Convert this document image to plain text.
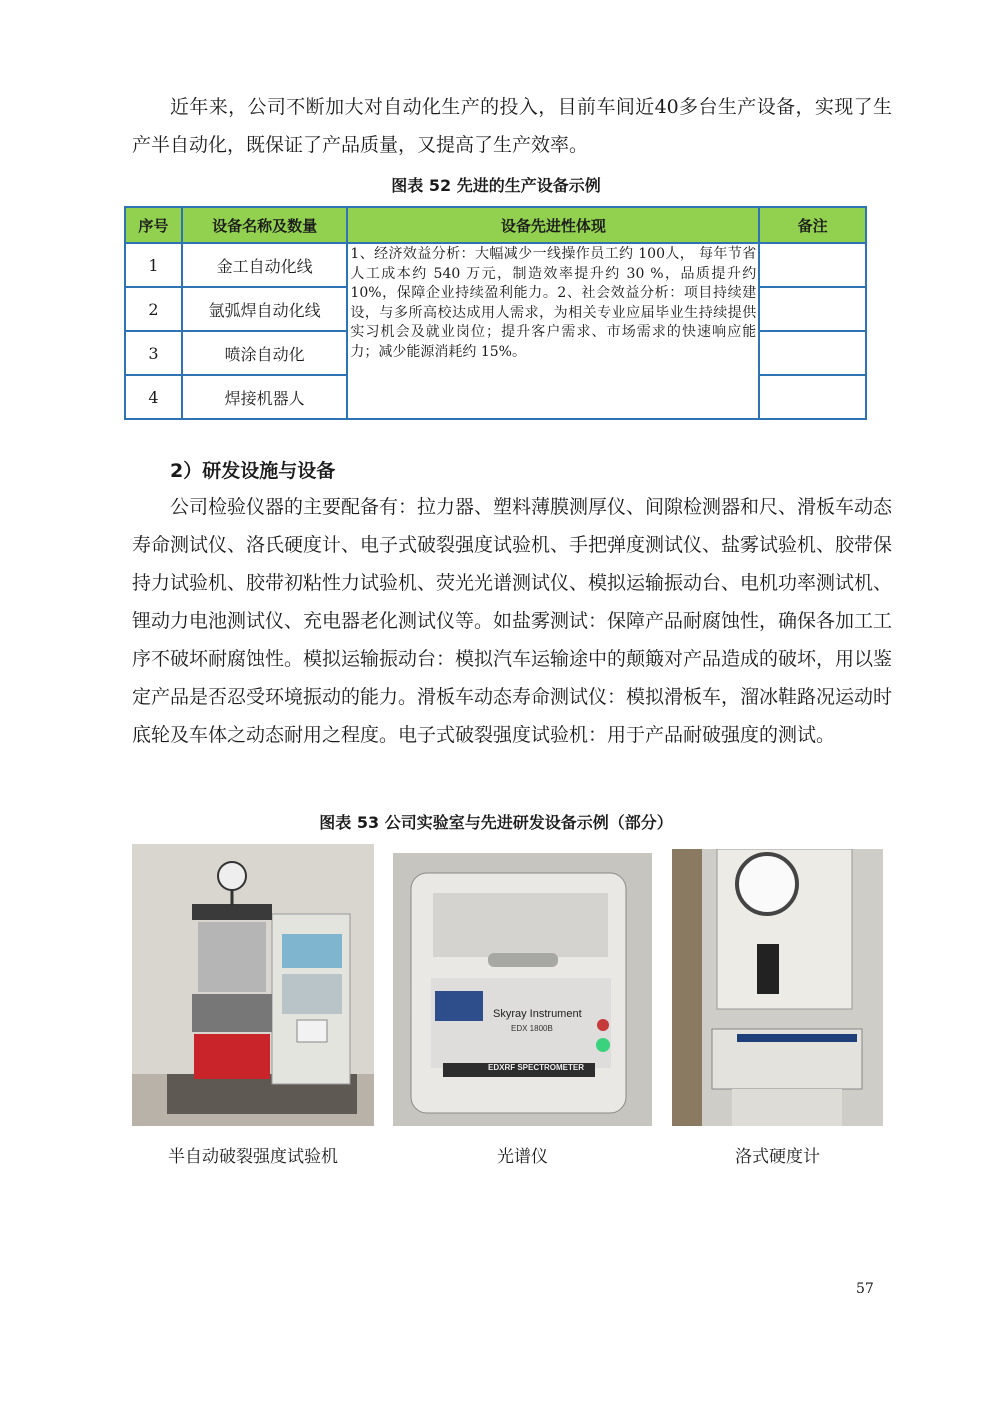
近年来，公司不断加大对自动化生产的投入，目前车间近40多台生产设备，实现了生产半自动化，既保证了产品质量，又提高了生产效率。

图表 52 先进的生产设备示例
序号	设备名称及数量	设备先进性体现	备注
1	金工自动化线	1、经济效益分析：大幅减少一线操作员工约 100人， 每年节省人工成本约 540 万元，制造效率提升约 30 %，品质提升约 10%，保障企业持续盈利能力。2、社会效益分析：项目持续建设，与多所高校达成用人需求，为相关专业应届毕业生持续提供实习机会及就业岗位；提升客户需求、市场需求的快速响应能力；减少能源消耗约 15%。	
2	氩弧焊自动化线		
3	喷涂自动化		
4	焊接机器人		
2）研发设施与设备

公司检验仪器的主要配备有：拉力器、塑料薄膜测厚仪、间隙检测器和尺、滑板车动态寿命测试仪、洛氏硬度计、电子式破裂强度试验机、手把弹度测试仪、盐雾试验机、胶带保持力试验机、胶带初粘性力试验机、荧光光谱测试仪、模拟运输振动台、电机功率测试机、锂动力电池测试仪、充电器老化测试仪等。如盐雾测试：保障产品耐腐蚀性，确保各加工工序不破坏耐腐蚀性。模拟运输振动台：模拟汽车运输途中的颠簸对产品造成的破坏，用以鉴定产品是否忍受环境振动的能力。滑板车动态寿命测试仪：模拟滑板车，溜冰鞋路况运动时底轮及车体之动态耐用之程度。电子式破裂强度试验机：用于产品耐破强度的测试。

图表 53 公司实验室与先进研发设备示例（部分）
Skyray Instrument
EDX 1800B
EDXRF SPECTROMETER
半自动破裂强度试验机	光谱仪	洛式硬度计
57
